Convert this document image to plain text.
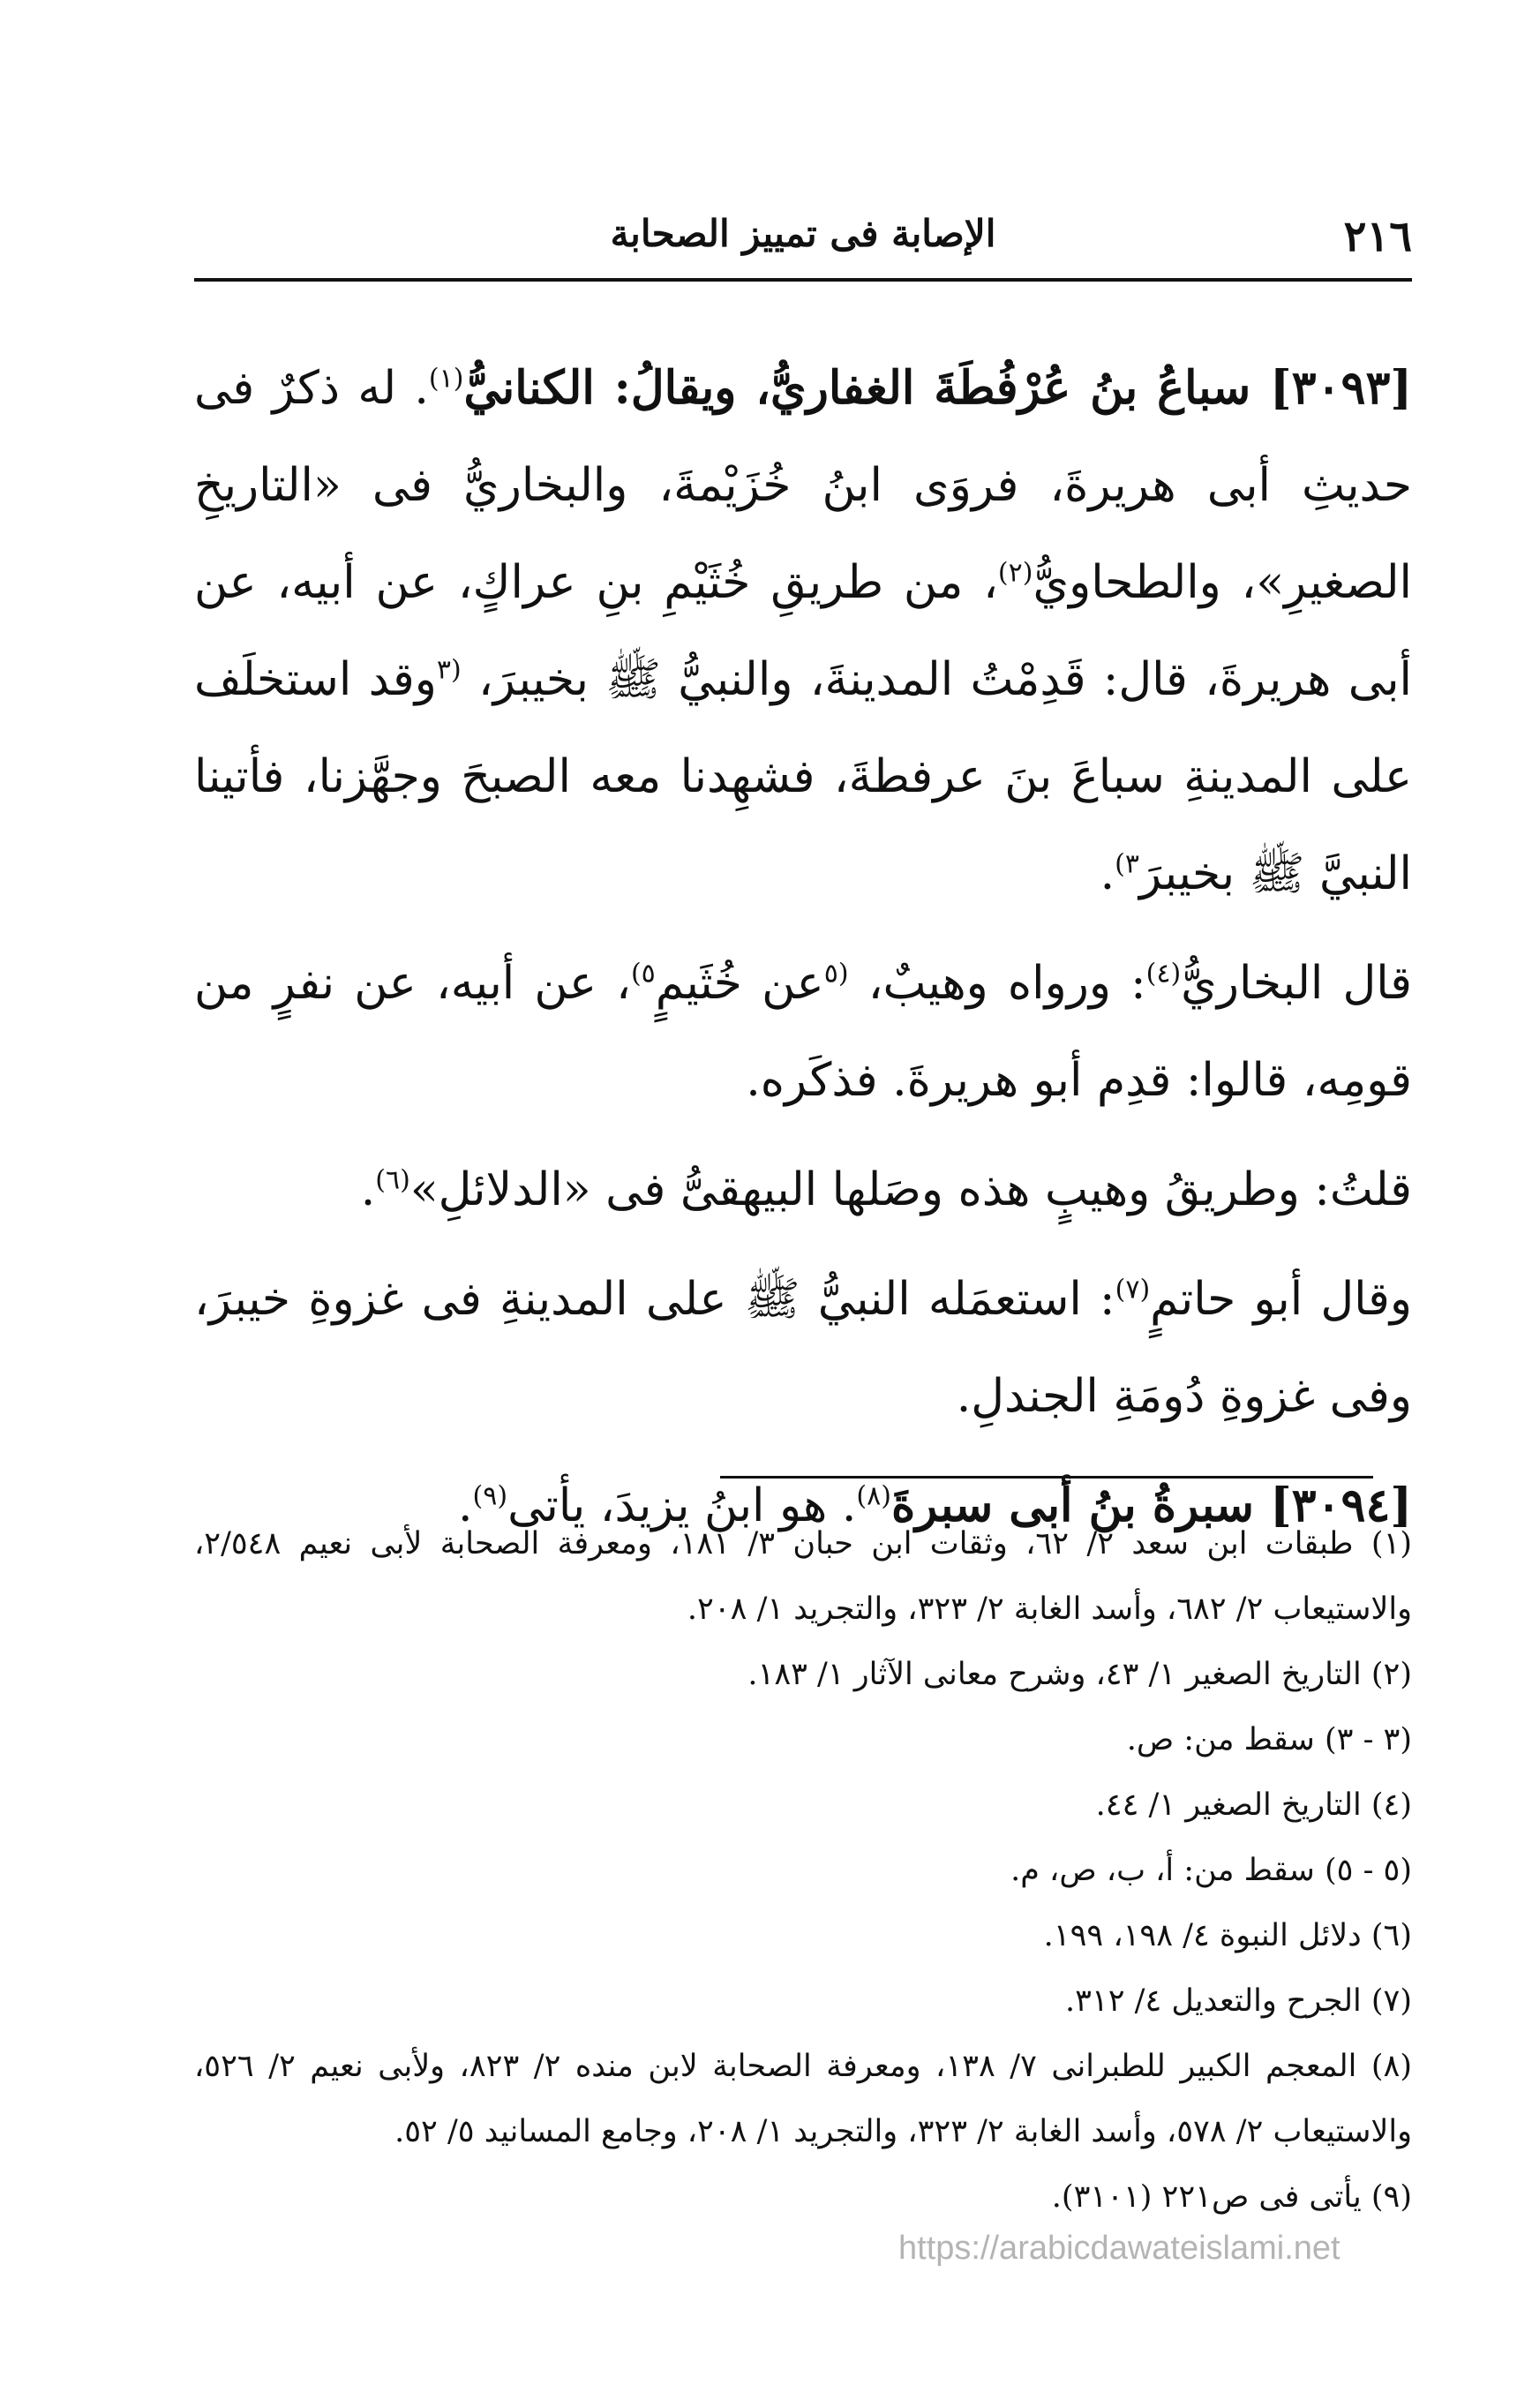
٢١٦
الإصابة فى تمييز الصحابة

[٣٠٩٣] سباعُ بنُ عُرْفُطَةَ الغفاريُّ، ويقالُ: الكنانيُّ$^{(١)}$. له ذكرٌ فى حديثِ أبى هريرةَ، فروَى ابنُ خُزَيْمةَ، والبخاريُّ فى «التاريخِ الصغيرِ»، والطحاويُّ$^{(٢)}$، من طريقِ خُثَيْمِ بنِ عراكٍ، عن أبيه، عن أبى هريرةَ، قال: قَدِمْتُ المدينةَ، والنبيُّ ﷺ بخيبرَ، $^{(٣}$وقد استخلَف على المدينةِ سباعَ بنَ عرفطةَ، فشهِدنا معه الصبحَ وجهَّزنا، فأتينا النبيَّ ﷺ بخيبرَ$^{٣)}$.

قال البخاريُّ$^{(٤)}$: ورواه وهيبٌ، $^{(٥}$عن خُثَيمٍ$^{٥)}$، عن أبيه، عن نفرٍ من قومِه، قالوا: قدِم أبو هريرةَ. فذكَره.

قلتُ: وطريقُ وهيبٍ هذه وصَلها البيهقىُّ فى «الدلائلِ»$^{(٦)}$.

وقال أبو حاتمٍ$^{(٧)}$: استعمَله النبيُّ ﷺ على المدينةِ فى غزوةِ خيبرَ، وفى غزوةِ دُومَةِ الجندلِ.

[٣٠٩٤] سبرةُ بنُ أبى سبرةَ$^{(٨)}$. هو ابنُ يزيدَ، يأتى$^{(٩)}$.

(١) طبقات ابن سعد ٢/ ٦٢، وثقات ابن حبان ٣/ ١٨١، ومعرفة الصحابة لأبى نعيم ٢/٥٤٨، والاستيعاب ٢/ ٦٨٢، وأسد الغابة ٢/ ٣٢٣، والتجريد ١/ ٢٠٨.

(٢) التاريخ الصغير ١/ ٤٣، وشرح معانى الآثار ١/ ١٨٣.

(٣ - ٣) سقط من: ص.

(٤) التاريخ الصغير ١/ ٤٤.

(٥ - ٥) سقط من: أ، ب، ص، م.

(٦) دلائل النبوة ٤/ ١٩٨، ١٩٩.

(٧) الجرح والتعديل ٤/ ٣١٢.

(٨) المعجم الكبير للطبرانى ٧/ ١٣٨، ومعرفة الصحابة لابن منده ٢/ ٨٢٣، ولأبى نعيم ٢/ ٥٢٦، والاستيعاب ٢/ ٥٧٨، وأسد الغابة ٢/ ٣٢٣، والتجريد ١/ ٢٠٨، وجامع المسانيد ٥/ ٥٢.

(٩) يأتى فى ص٢٢١ (٣١٠١).

https://arabicdawateislami.net
